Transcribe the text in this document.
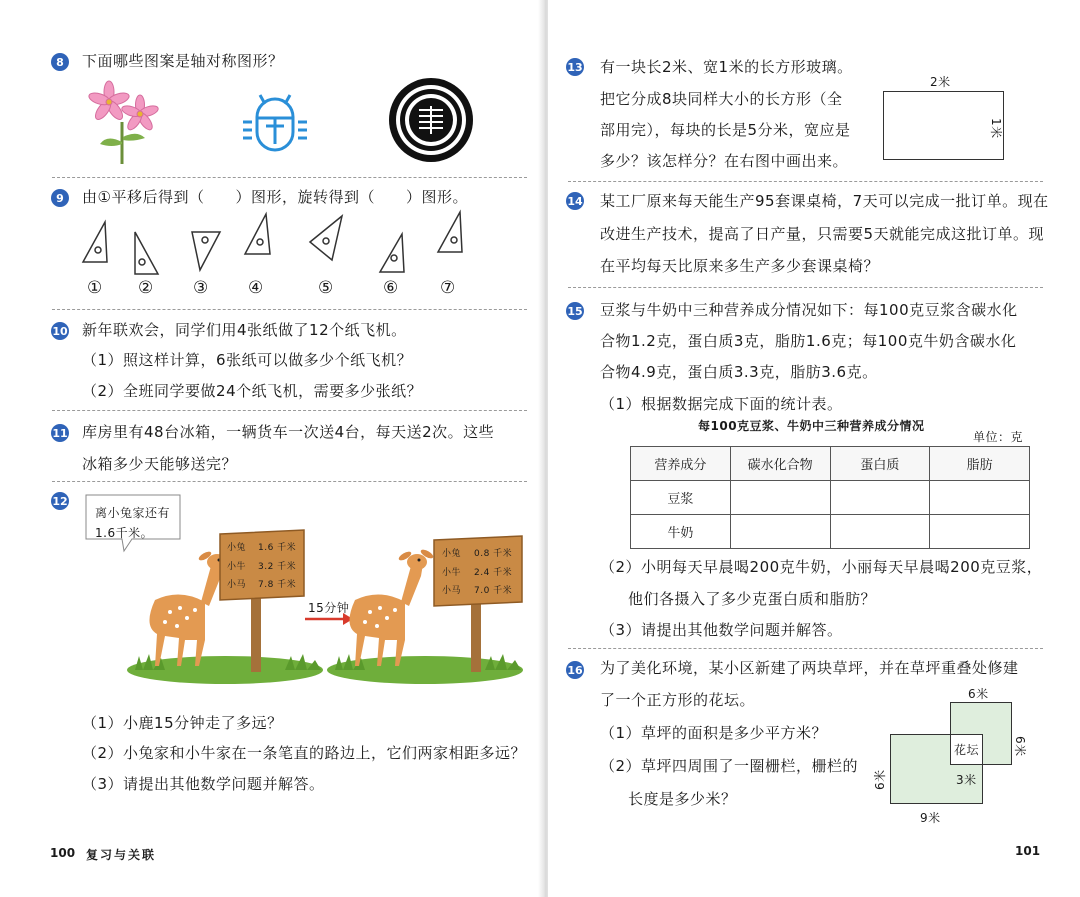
8	下面哪些图案是轴对称图形？
9	由①平移后得到（　　）图形，旋转得到（　　）图形。
① ② ③ ④	⑤	⑥ ⑦
10 新年联欢会，同学们用4张纸做了12个纸飞机。
（1）照这样计算，6张纸可以做多少个纸飞机？
（2）全班同学要做24个纸飞机，需要多少张纸？
11 库房里有48台冰箱，一辆货车一次送4台，每天送2次。这些
冰箱多少天能够送完？
12
离小兔家还有
1.6千米。
小兔 1.6 千米
小牛 3.2 千米
小马 7.8 千米
15分钟
小兔 0.8 千米
小牛 2.4 千米
小马 7.0 千米
（1）小鹿15分钟走了多远？
（2）小兔家和小牛家在一条笔直的路边上，它们两家相距多远？
（3）请提出其他数学问题并解答。
100 复习与关联
13 有一块长2米、宽1米的长方形玻璃。
把它分成8块同样大小的长方形（全
部用完），每块的长是5分米，宽应是
多少？该怎样分？在右图中画出来。
2米
1米
14 某工厂原来每天能生产95套课桌椅，7天可以完成一批订单。现在
改进生产技术，提高了日产量，只需要5天就能完成这批订单。现
在平均每天比原来多生产多少套课桌椅？
15 豆浆与牛奶中三种营养成分情况如下：每100克豆浆含碳水化
合物1.2克，蛋白质3克，脂肪1.6克；每100克牛奶含碳水化
合物4.9克，蛋白质3.3克，脂肪3.6克。
（1）根据数据完成下面的统计表。
每100克豆浆、牛奶中三种营养成分情况
单位：克
营养成分	碳水化合物	蛋白质	脂肪
豆浆			
牛奶			
（2）小明每天早晨喝200克牛奶，小丽每天早晨喝200克豆浆，
他们各摄入了多少克蛋白质和脂肪？
（3）请提出其他数学问题并解答。
16 为了美化环境，某小区新建了两块草坪，并在草坪重叠处修建
了一个正方形的花坛。
（1）草坪的面积是多少平方米？
（2）草坪四周围了一圈栅栏，栅栏的
长度是多少米？
6米
花坛
3米
6米
6米
9米
101
